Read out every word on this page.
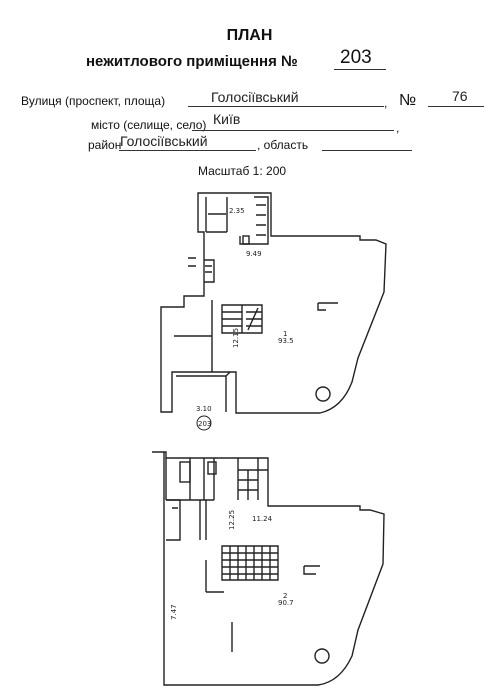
ПЛАН
нежитлового приміщення № 203
Вулиця (проспект, площа)	Голосіївський	, №	76
місто (селище, село) Київ
,
район
Голосіївський	, область
Масштаб 1: 200
2.35
9.49
12.15	1
93.5
3.10
203
11.24
12.25
2
90.7
7.47
